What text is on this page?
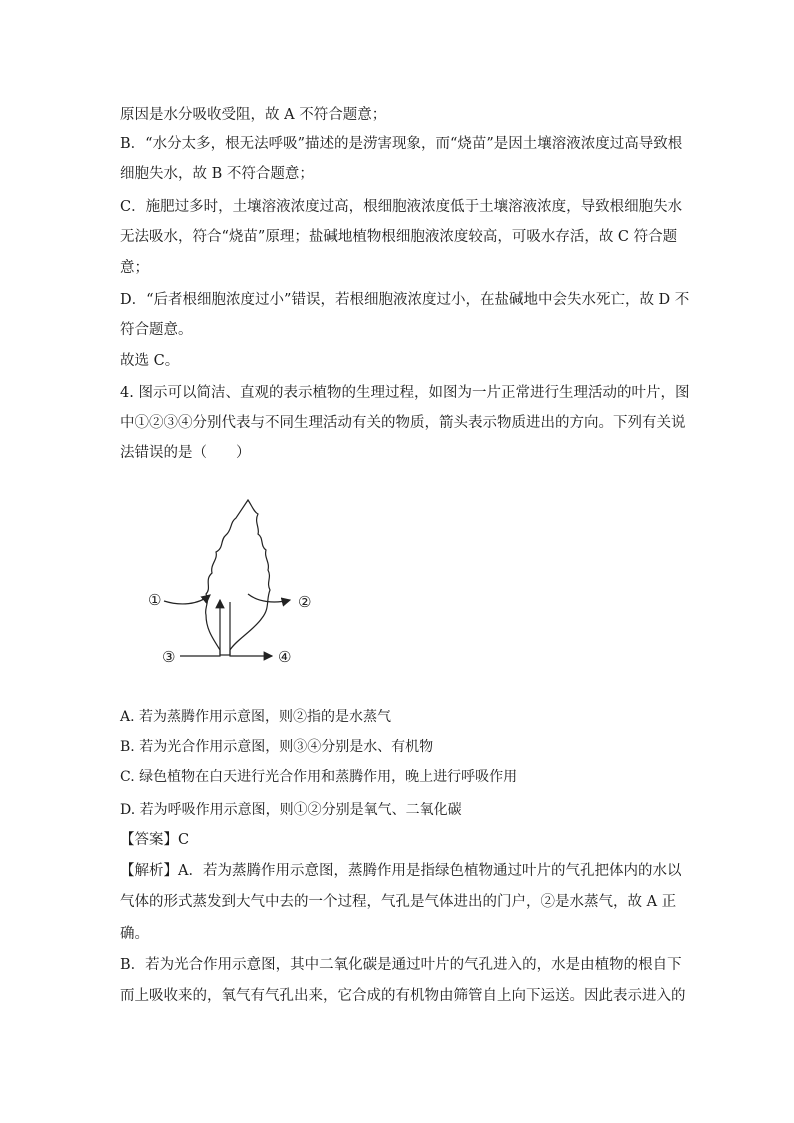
原因是水分吸收受阻，故 A 不符合题意；
B．“水分太多，根无法呼吸”描述的是涝害现象，而“烧苗”是因土壤溶液浓度过高导致根
细胞失水，故 B 不符合题意；
C．施肥过多时，土壤溶液浓度过高，根细胞液浓度低于土壤溶液浓度，导致根细胞失水
无法吸水，符合“烧苗”原理；盐碱地植物根细胞液浓度较高，可吸水存活，故 C 符合题
意；
D．“后者根细胞浓度过小”错误，若根细胞液浓度过小，在盐碱地中会失水死亡，故 D 不
符合题意。
故选 C。
4. 图示可以简洁、直观的表示植物的生理过程，如图为一片正常进行生理活动的叶片，图
中①②③④分别代表与不同生理活动有关的物质，箭头表示物质进出的方向。下列有关说
法错误的是（　　）
①	②
③	④
A. 若为蒸腾作用示意图，则②指的是水蒸气
B. 若为光合作用示意图，则③④分别是水、有机物
C. 绿色植物在白天进行光合作用和蒸腾作用，晚上进行呼吸作用
D. 若为呼吸作用示意图，则①②分别是氧气、二氧化碳
【答案】C
【解析】A．若为蒸腾作用示意图，蒸腾作用是指绿色植物通过叶片的气孔把体内的水以
气体的形式蒸发到大气中去的一个过程，气孔是气体进出的门户，②是水蒸气，故 A 正
确。
B．若为光合作用示意图，其中二氧化碳是通过叶片的气孔进入的，水是由植物的根自下
而上吸收来的，氧气有气孔出来，它合成的有机物由筛管自上向下运送。因此表示进入的
